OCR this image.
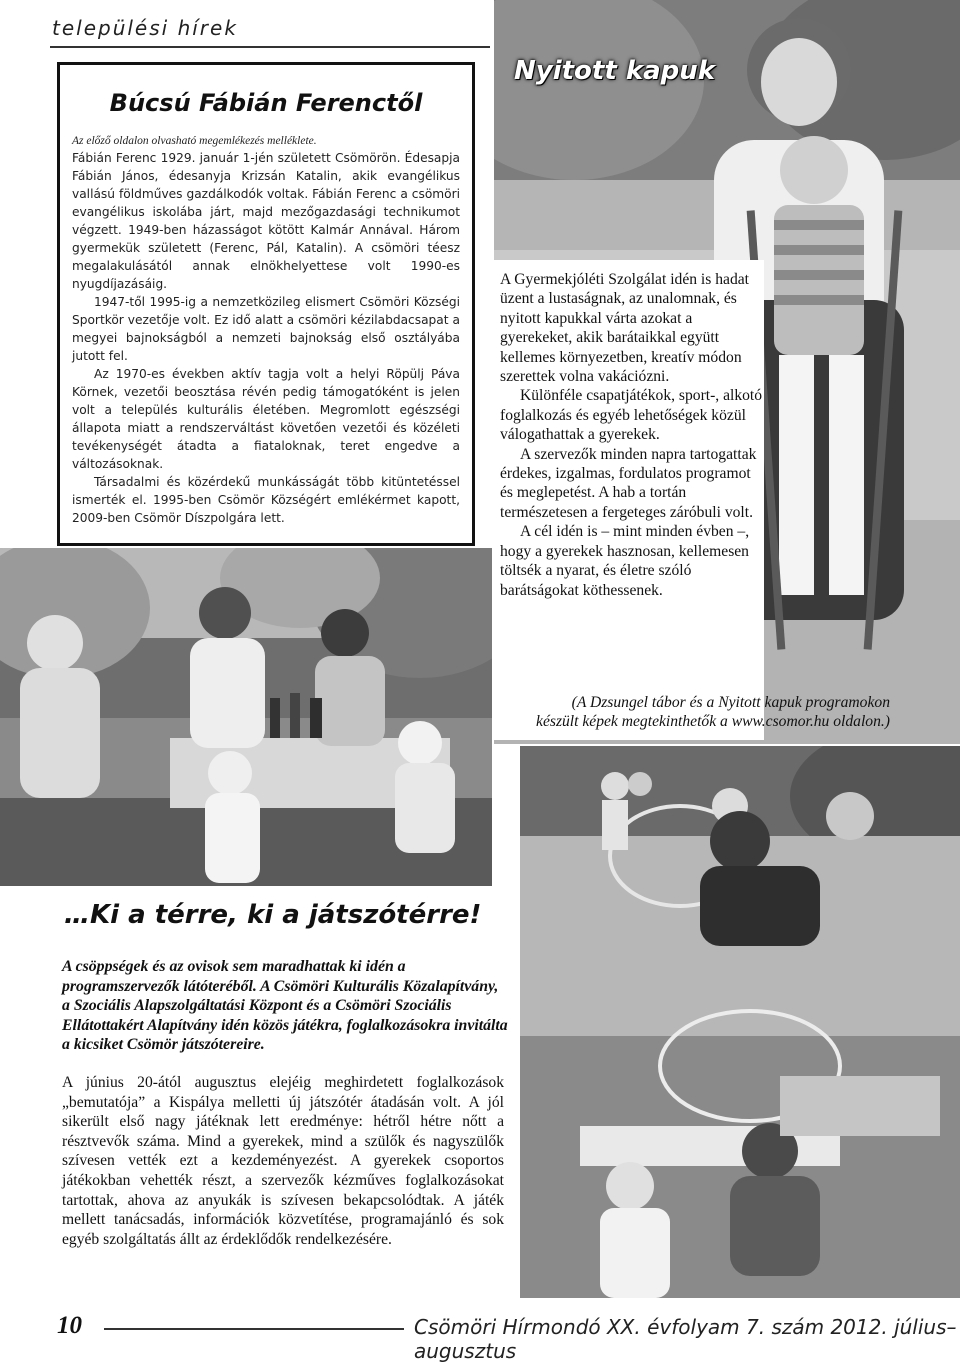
települési hírek
Búcsú Fábián Ferenctől

Az előző oldalon olvasható megemlékezés melléklete.

Fábián Ferenc 1929. január 1-jén született Csömörön. Édesapja Fábián János, édesanyja Krizsán Katalin, akik evangélikus vallású földműves gazdálkodók voltak. Fábián Ferenc a csömöri evangélikus iskolába járt, majd mezőgazdasági technikumot végzett. 1949-ben házasságot kötött Kalmár Annával. Három gyermekük született (Ferenc, Pál, Katalin). A csömöri téesz megalakulásától annak elnökhelyettese volt 1990-es nyugdíjazásáig.

1947-től 1995-ig a nemzetközileg elismert Csömöri Községi Sportkör vezetője volt. Ez idő alatt a csömöri kézilabdacsapat a megyei bajnokságból a nemzeti bajnokság első osztályába jutott fel.

Az 1970-es években aktív tagja volt a helyi Röpülj Páva Körnek, vezetői beosztása révén pedig támogatóként is jelen volt a település kulturális életében. Megromlott egészségi állapota miatt a rendszerváltást követően vezetői és közéleti tevékenységét átadta a fiataloknak, teret engedve a változásoknak.

Társadalmi és közérdekű munkásságát több kitüntetéssel ismerték el. 1995-ben Csömör Községért emlékérmet kapott, 2009-ben Csömör Díszpolgára lett.

Nyitott kapuk

A Gyermekjóléti Szolgálat idén is hadat üzent a lustaságnak, az unalomnak, és nyitott kapukkal várta azokat a gyerekeket, akik barátaikkal együtt kellemes környezetben, kreatív módon szerettek volna vakációzni.

Különféle csapatjátékok, sport-, alkotó foglalkozás és egyéb lehetőségek közül válogathattak a gyerekek.

A szervezők minden napra tartogattak érdekes, izgalmas, fordulatos programot és meglepetést. A hab a tortán természetesen a fergeteges záróbuli volt.

A cél idén is – mint minden évben –, hogy a gyerekek hasznosan, kellemesen töltsék a nyarat, és életre szóló barátságokat köthessenek.

(A Dzsungel tábor és a Nyitott kapuk programokon
készült képek megtekinthetők a www.csomor.hu oldalon.)
…Ki a térre, ki a játszótérre!

A csöppségek és az ovisok sem maradhattak ki idén a programszervezők látóteréből. A Csömöri Kulturális Közalapítvány, a Szociális Alapszolgáltatási Központ és a Csömöri Szociális Ellátottakért Alapítvány idén közös játékra, foglalkozásokra invitálta a kicsiket Csömör játszótereire.

A június 20-ától augusztus elejéig meghirdetett foglalkozások „bemutatója” a Kispálya melletti új játszótér átadásán volt. A jól sikerült első nagy játéknak lett eredménye: hétről hétre nőtt a résztvevők száma. Mind a gyerekek, mind a szülők és nagyszülők szívesen vették ezt a kezdeményezést. A gyerekek csoportos játékokban vehették részt, a szervezők kézműves foglalkozásokat tartottak, ahova az anyukák is szívesen bekapcsolódtak. A játék mellett tanácsadás, információk közvetítése, programajánló és sok egyéb szolgáltatás állt az érdeklődők rendelkezésére.

10	Csömöri Hírmondó XX. évfolyam 7. szám 2012. július–augusztus
